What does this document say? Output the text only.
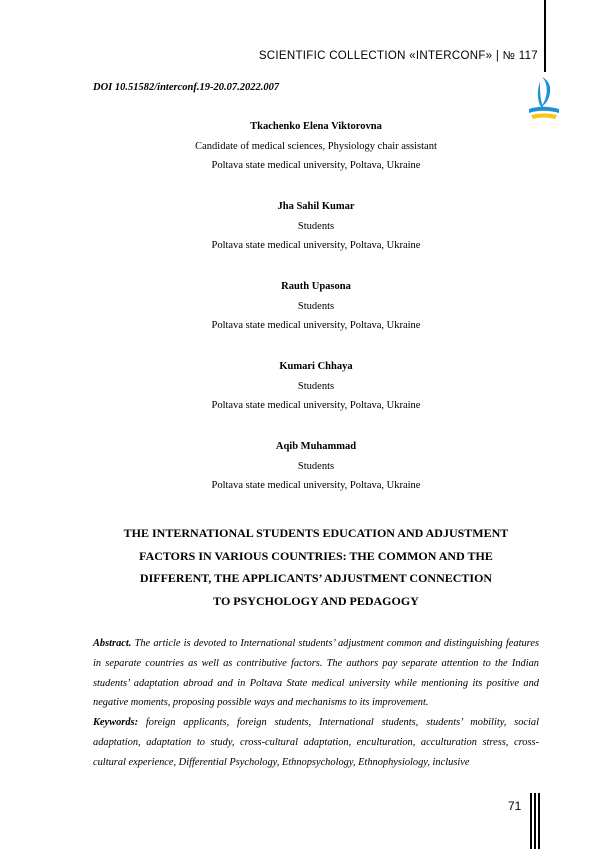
SCIENTIFIC COLLECTION «INTERCONF» | № 117
DOI 10.51582/interconf.19-20.07.2022.007
Tkachenko Elena Viktorovna
Candidate of medical sciences, Physiology chair assistant
Poltava state medical university, Poltava, Ukraine
Jha Sahil Kumar
Students
Poltava state medical university, Poltava, Ukraine
Rauth Upasona
Students
Poltava state medical university, Poltava, Ukraine
Kumari Chhaya
Students
Poltava state medical university, Poltava, Ukraine
Aqib Muhammad
Students
Poltava state medical university, Poltava, Ukraine
THE INTERNATIONAL STUDENTS EDUCATION AND ADJUSTMENT
FACTORS IN VARIOUS COUNTRIES: THE COMMON AND THE
DIFFERENT, THE APPLICANTS’ ADJUSTMENT CONNECTION
TO PSYCHOLOGY AND PEDAGOGY
Abstract. The article is devoted to International students’ adjustment common and distinguishing features in separate countries as well as contributive factors. The authors pay separate attention to the Indian students’ adaptation abroad and in Poltava State medical university while mentioning its positive and negative moments, proposing possible ways and mechanisms to its improvement.
Keywords: foreign applicants, foreign students, International students, students’ mobility, social adaptation, adaptation to study, cross-cultural adaptation, enculturation, acculturation stress, cross-cultural experience, Differential Psychology, Ethnopsychology, Ethnophysiology, inclusive
71
